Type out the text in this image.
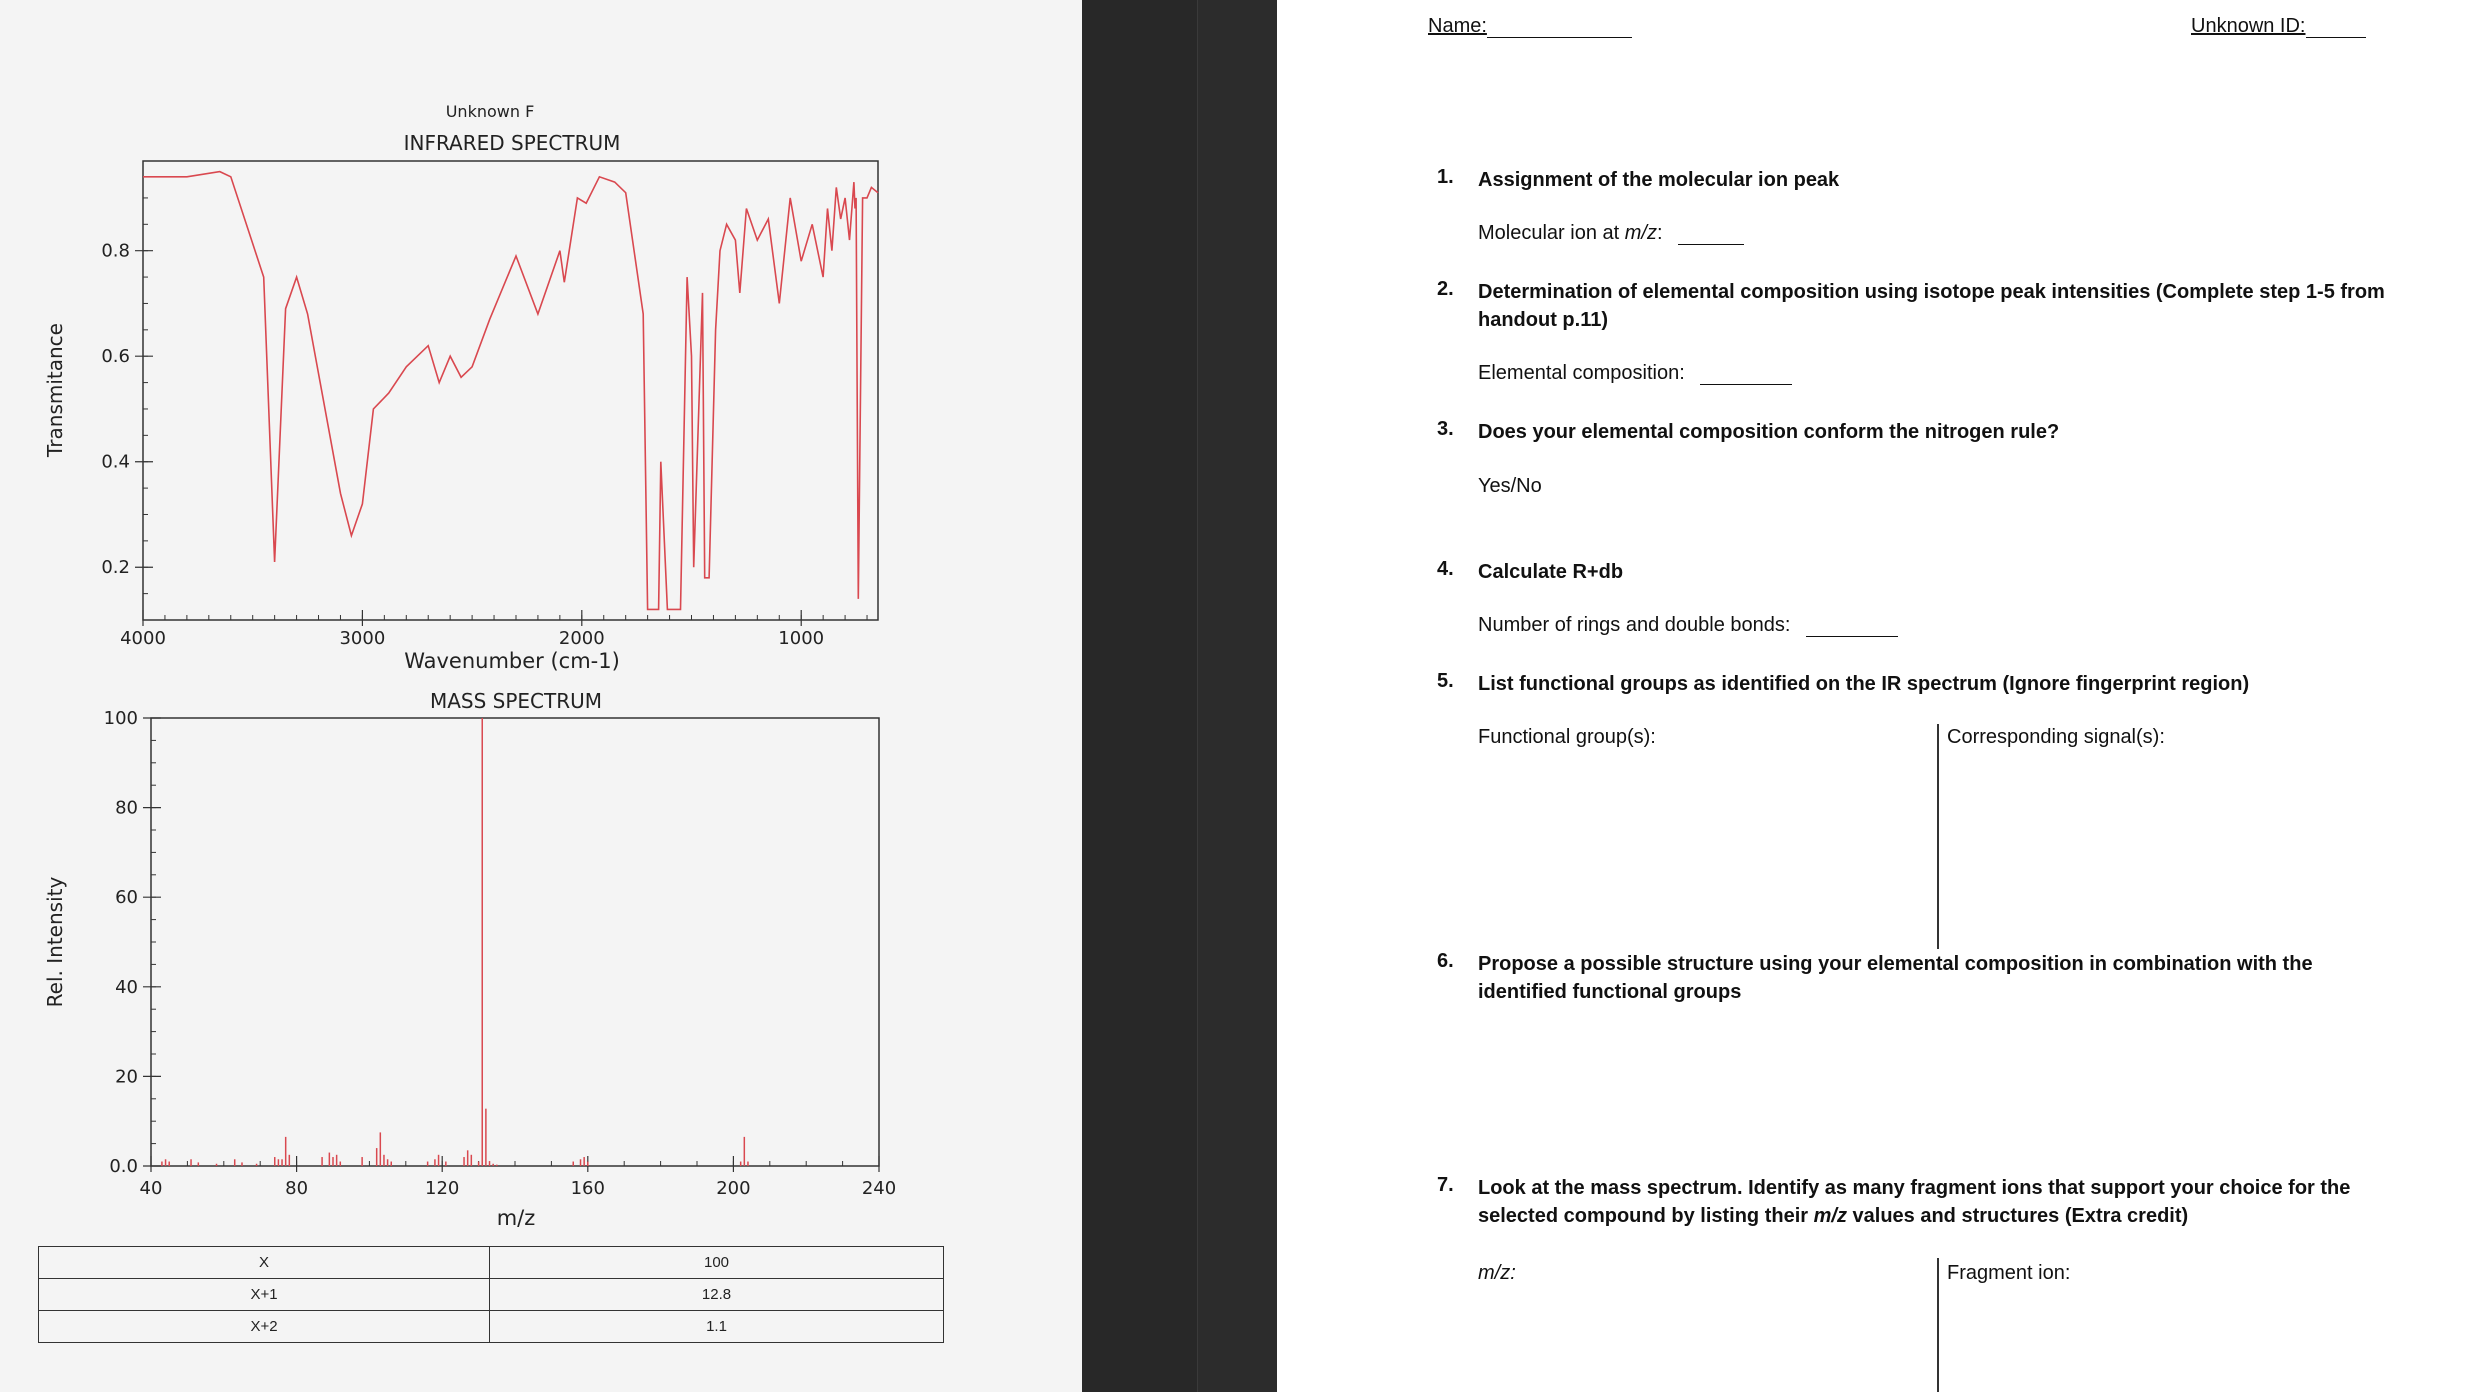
Unknown F
INFRARED SPECTRUM
0.8
0.6
0.4
0.2
4000	3000	2000	1000
Transmitance
Wavenumber (cm-1)
MASS SPECTRUM
100
80
60
40
20
0.0
40	80	120	160	200	240
Rel. Intensity
m/z
X	100
X+1	12.8
X+2	1.1
Name:	Unknown ID:
1. Assignment of the molecular ion peak
Molecular ion at m/z:
2. Determination of elemental composition using isotope peak intensities (Complete step 1-5 from handout p.11)
Elemental composition:
3. Does your elemental composition conform the nitrogen rule?
Yes/No
4. Calculate R+db
Number of rings and double bonds:
5. List functional groups as identified on the IR spectrum (Ignore fingerprint region)
Functional group(s):	Corresponding signal(s):
6. Propose a possible structure using your elemental composition in combination with the identified functional groups
7. Look at the mass spectrum. Identify as many fragment ions that support your choice for the selected compound by listing their m/z values and structures (Extra credit)
m/z:	Fragment ion:
